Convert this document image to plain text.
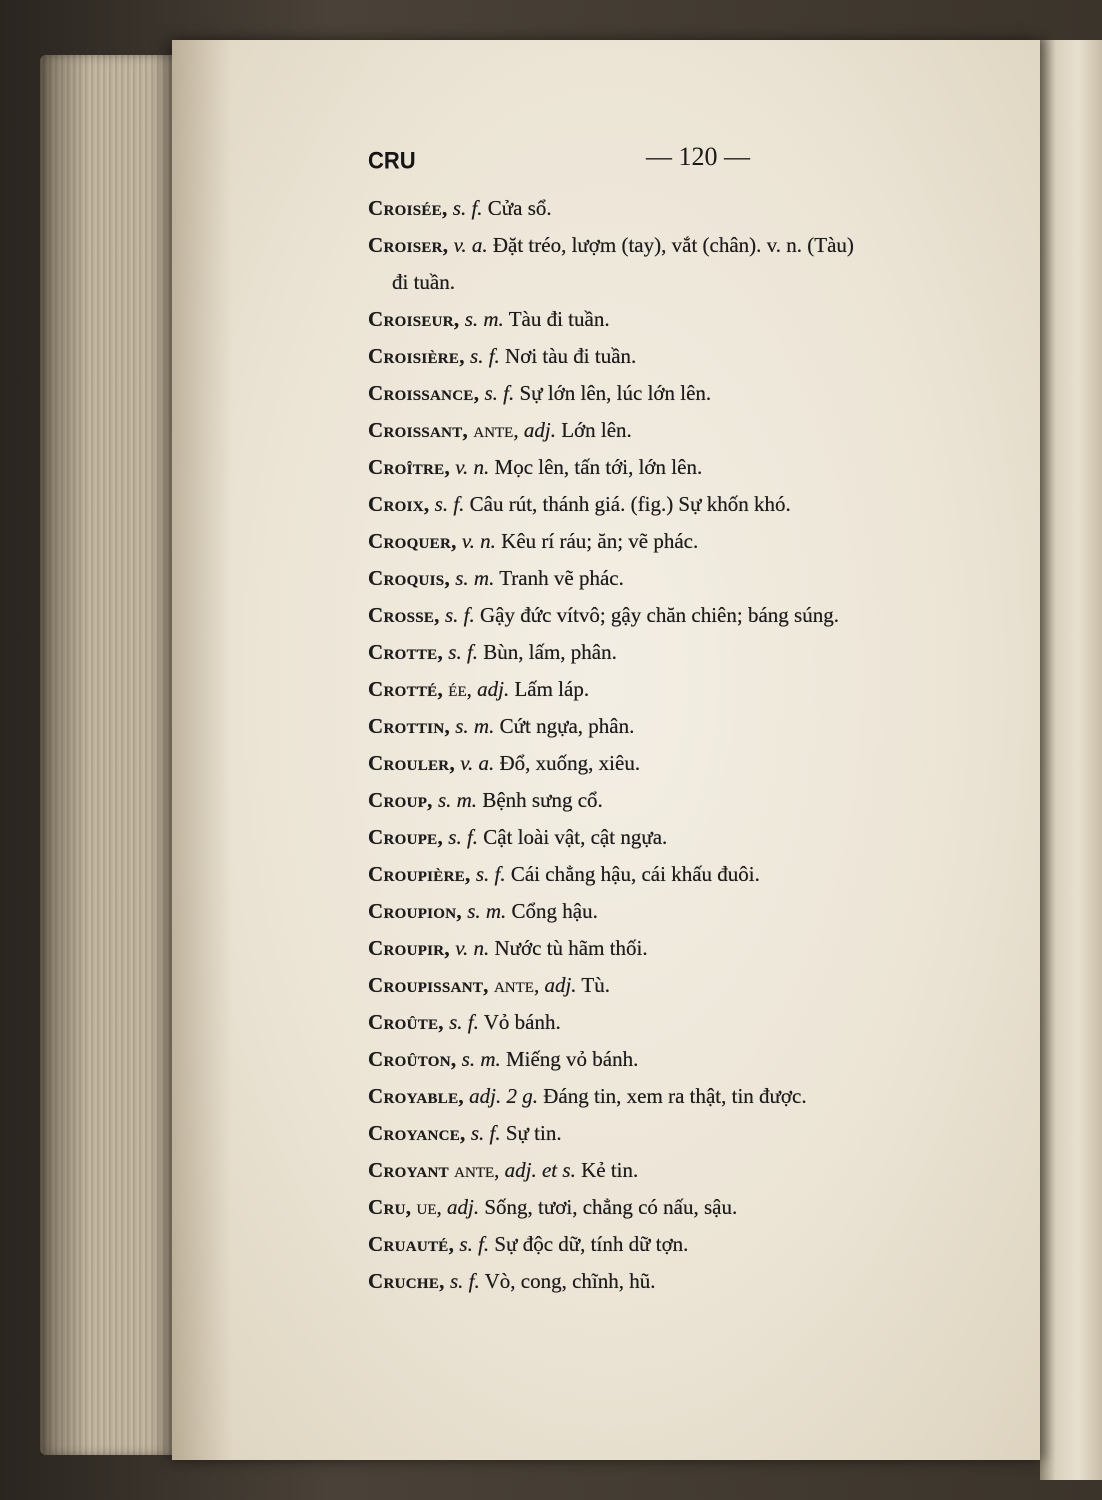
CRU	— 120 —
Croisée, s. f. Cửa sổ.
Croiser, v. a. Đặt tréo, lượm (tay), vắt (chân). v. n. (Tàu)
đi tuần.
Croiseur, s. m. Tàu đi tuần.
Croisière, s. f. Nơi tàu đi tuần.
Croissance, s. f. Sự lớn lên, lúc lớn lên.
Croissant, ante, adj. Lớn lên.
Croître, v. n. Mọc lên, tấn tới, lớn lên.
Croix, s. f. Câu rút, thánh giá. (fig.) Sự khốn khó.
Croquer, v. n. Kêu rí ráu; ăn; vẽ phác.
Croquis, s. m. Tranh vẽ phác.
Crosse, s. f. Gậy đức vítvô; gậy chăn chiên; báng súng.
Crotte, s. f. Bùn, lấm, phân.
Crotté, ée, adj. Lấm láp.
Crottin, s. m. Cứt ngựa, phân.
Crouler, v. a. Đổ, xuống, xiêu.
Croup, s. m. Bệnh sưng cổ.
Croupe, s. f. Cật loài vật, cật ngựa.
Croupière, s. f. Cái chẳng hậu, cái khấu đuôi.
Croupion, s. m. Cổng hậu.
Croupir, v. n. Nước tù hãm thối.
Croupissant, ante, adj. Tù.
Croûte, s. f. Vỏ bánh.
Croûton, s. m. Miếng vỏ bánh.
Croyable, adj. 2 g. Đáng tin, xem ra thật, tin được.
Croyance, s. f. Sự tin.
Croyant ante, adj. et s. Kẻ tin.
Cru, ue, adj. Sống, tươi, chẳng có nấu, sậu.
Cruauté, s. f. Sự độc dữ, tính dữ tợn.
Cruche, s. f. Vò, cong, chĩnh, hũ.
